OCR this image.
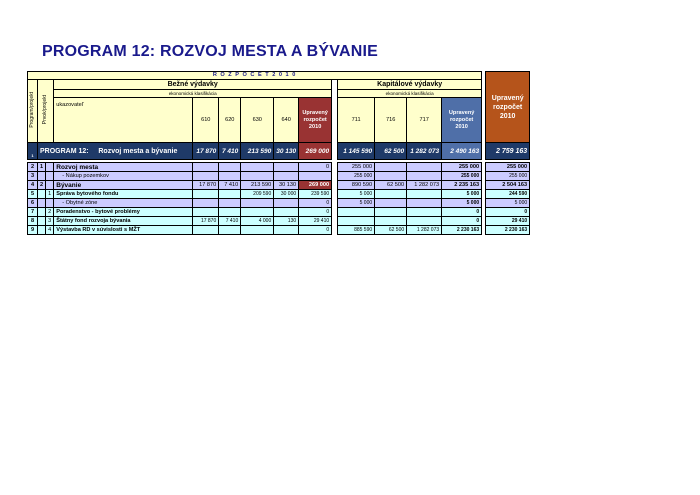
PROGRAM 12: ROZVOJ MESTA A BÝVANIE
R O Z P O Č E T 2 0 1 0															Upravený rozpočet 2010
Program/projekt	Prvok/projekt		Bežné výdavky							Kapitálové výdavky					
			ekonomická klasifikácia							ekonomická klasifikácia					
			ukazovateľ	610	620	630	640	Upravený rozpočet 2010		711	716	717	Upravený rozpočet 2010		
1	PROGRAM 12: Rozvoj mesta a bývanie			17 870	7 410	213 590	30 130	269 000		1 145 590	62 500	1 282 073	2 490 163		2 759 163

2	1		Rozvoj mesta					0		255 000			255 000		255 000
3			- Nákup pozemkov							255 000			255 000		255 000
4	2		Bývanie	17 870	7 410	213 590	30 130	269 000		890 590	62 500	1 282 073	2 235 163		2 504 163
5		1	Správa bytového fondu			209 590	30 000	239 590		5 000			5 000		244 590
6			- Obytné zóne					0		5 000			5 000		5 000
7		2	Poradenstvo - bytové problémy					0					0		0
8		3	Štátny fond rozvoja bývania	17 870	7 410	4 000	130	29 410					0		29 410
9		4	Výstavba RD v súvislosti s MŽT					0		885 590	62 500	1 282 073	2 230 163		2 230 163
